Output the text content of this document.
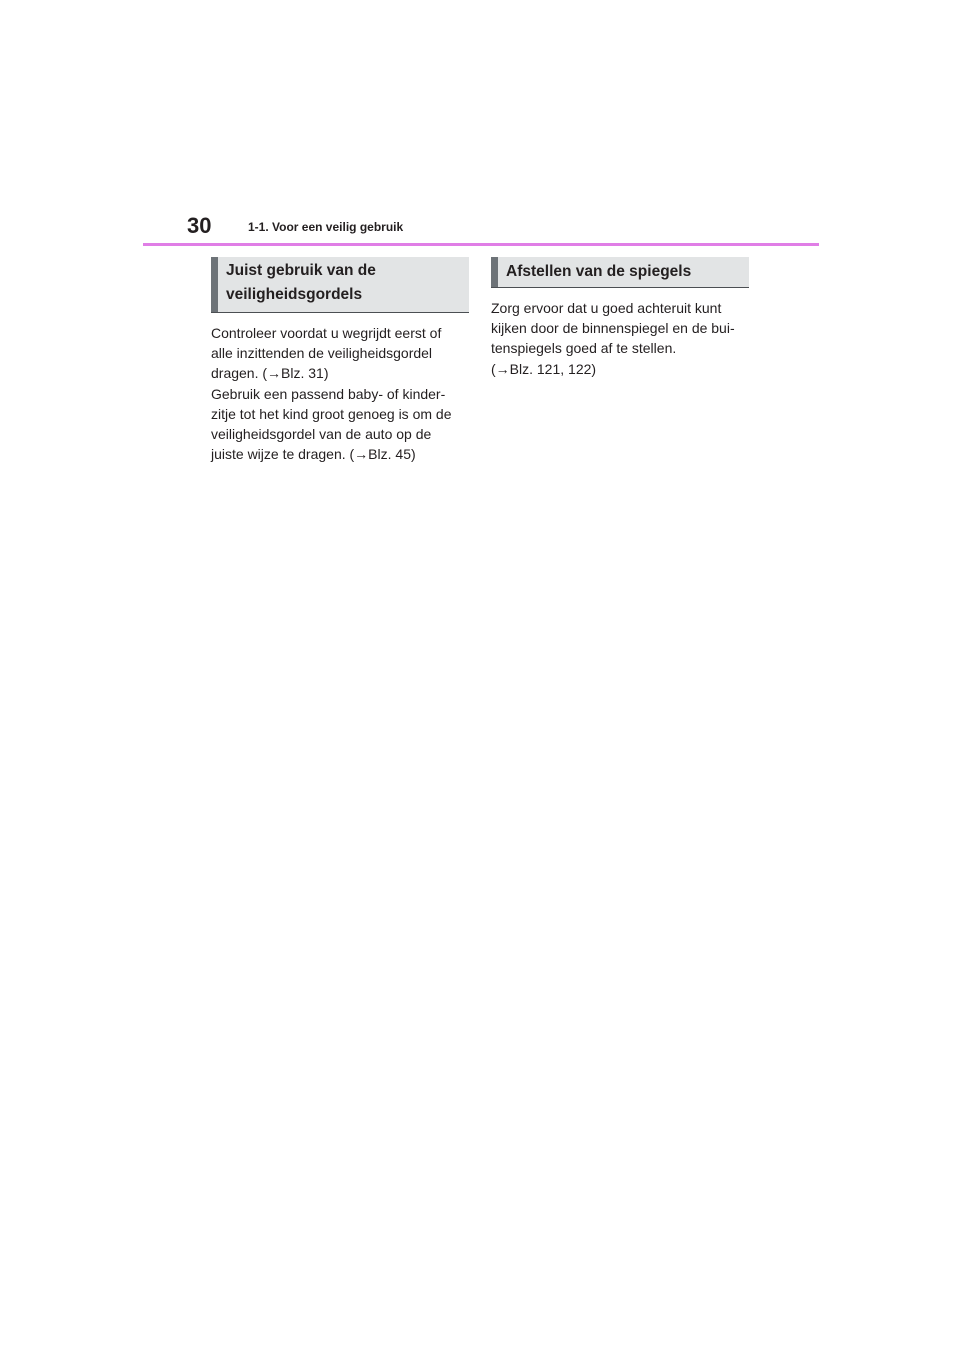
30	1-1. Voor een veilig gebruik
Juist gebruik van de
veiligheidsgordels

Controleer voordat u wegrijdt eerst of

alle inzittenden de veiligheidsgordel

dragen. (→Blz. 31)

Gebruik een passend baby- of kinder-

zitje tot het kind groot genoeg is om de

veiligheidsgordel van de auto op de

juiste wijze te dragen. (→Blz. 45)

Afstellen van de spiegels

Zorg ervoor dat u goed achteruit kunt

kijken door de binnenspiegel en de bui-

tenspiegels goed af te stellen.

(→Blz. 121, 122)
